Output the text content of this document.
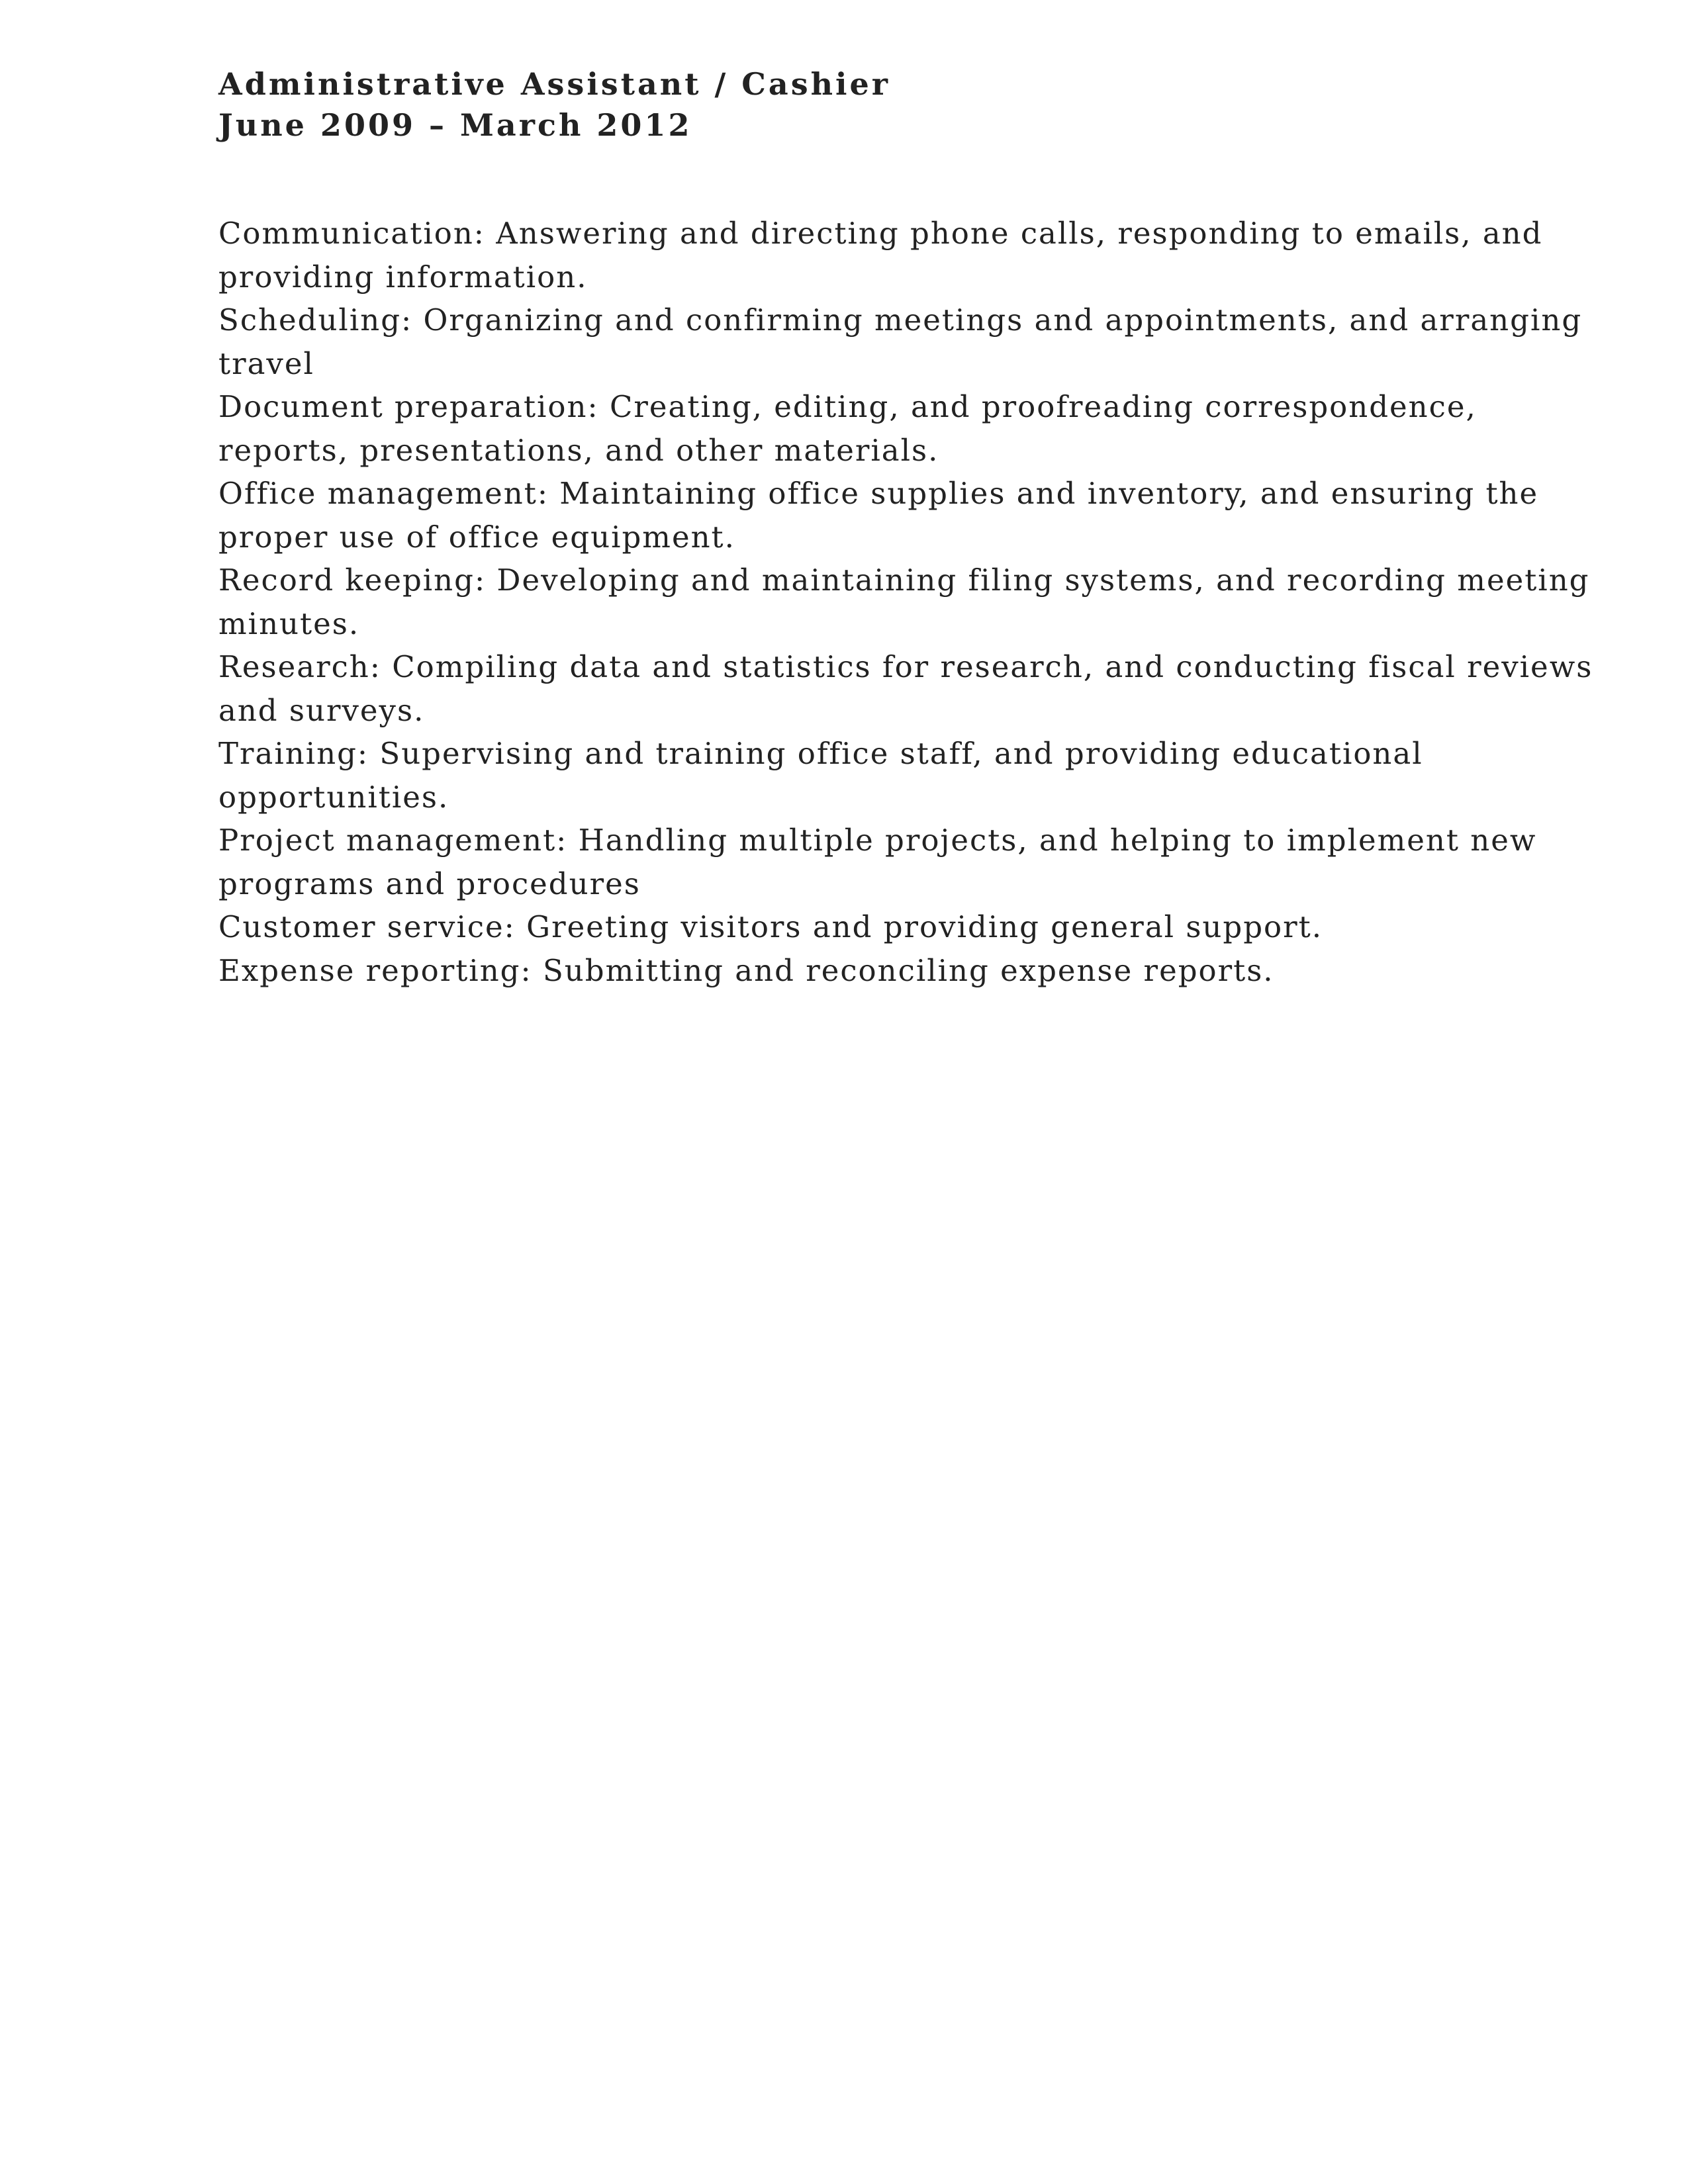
Administrative Assistant / Cashier
June 2009 – March 2012

Communication: Answering and directing phone calls, responding to emails, and providing information.

Scheduling: Organizing and confirming meetings and appointments, and arranging travel

Document preparation: Creating, editing, and proofreading correspondence, reports, presentations, and other materials.

Office management: Maintaining office supplies and inventory, and ensuring the proper use of office equipment.

Record keeping: Developing and maintaining filing systems, and recording meeting minutes.

Research: Compiling data and statistics for research, and conducting fiscal reviews and surveys.

Training: Supervising and training office staff, and providing educational opportunities.

Project management: Handling multiple projects, and helping to implement new programs and procedures

Customer service: Greeting visitors and providing general support.

Expense reporting: Submitting and reconciling expense reports.
